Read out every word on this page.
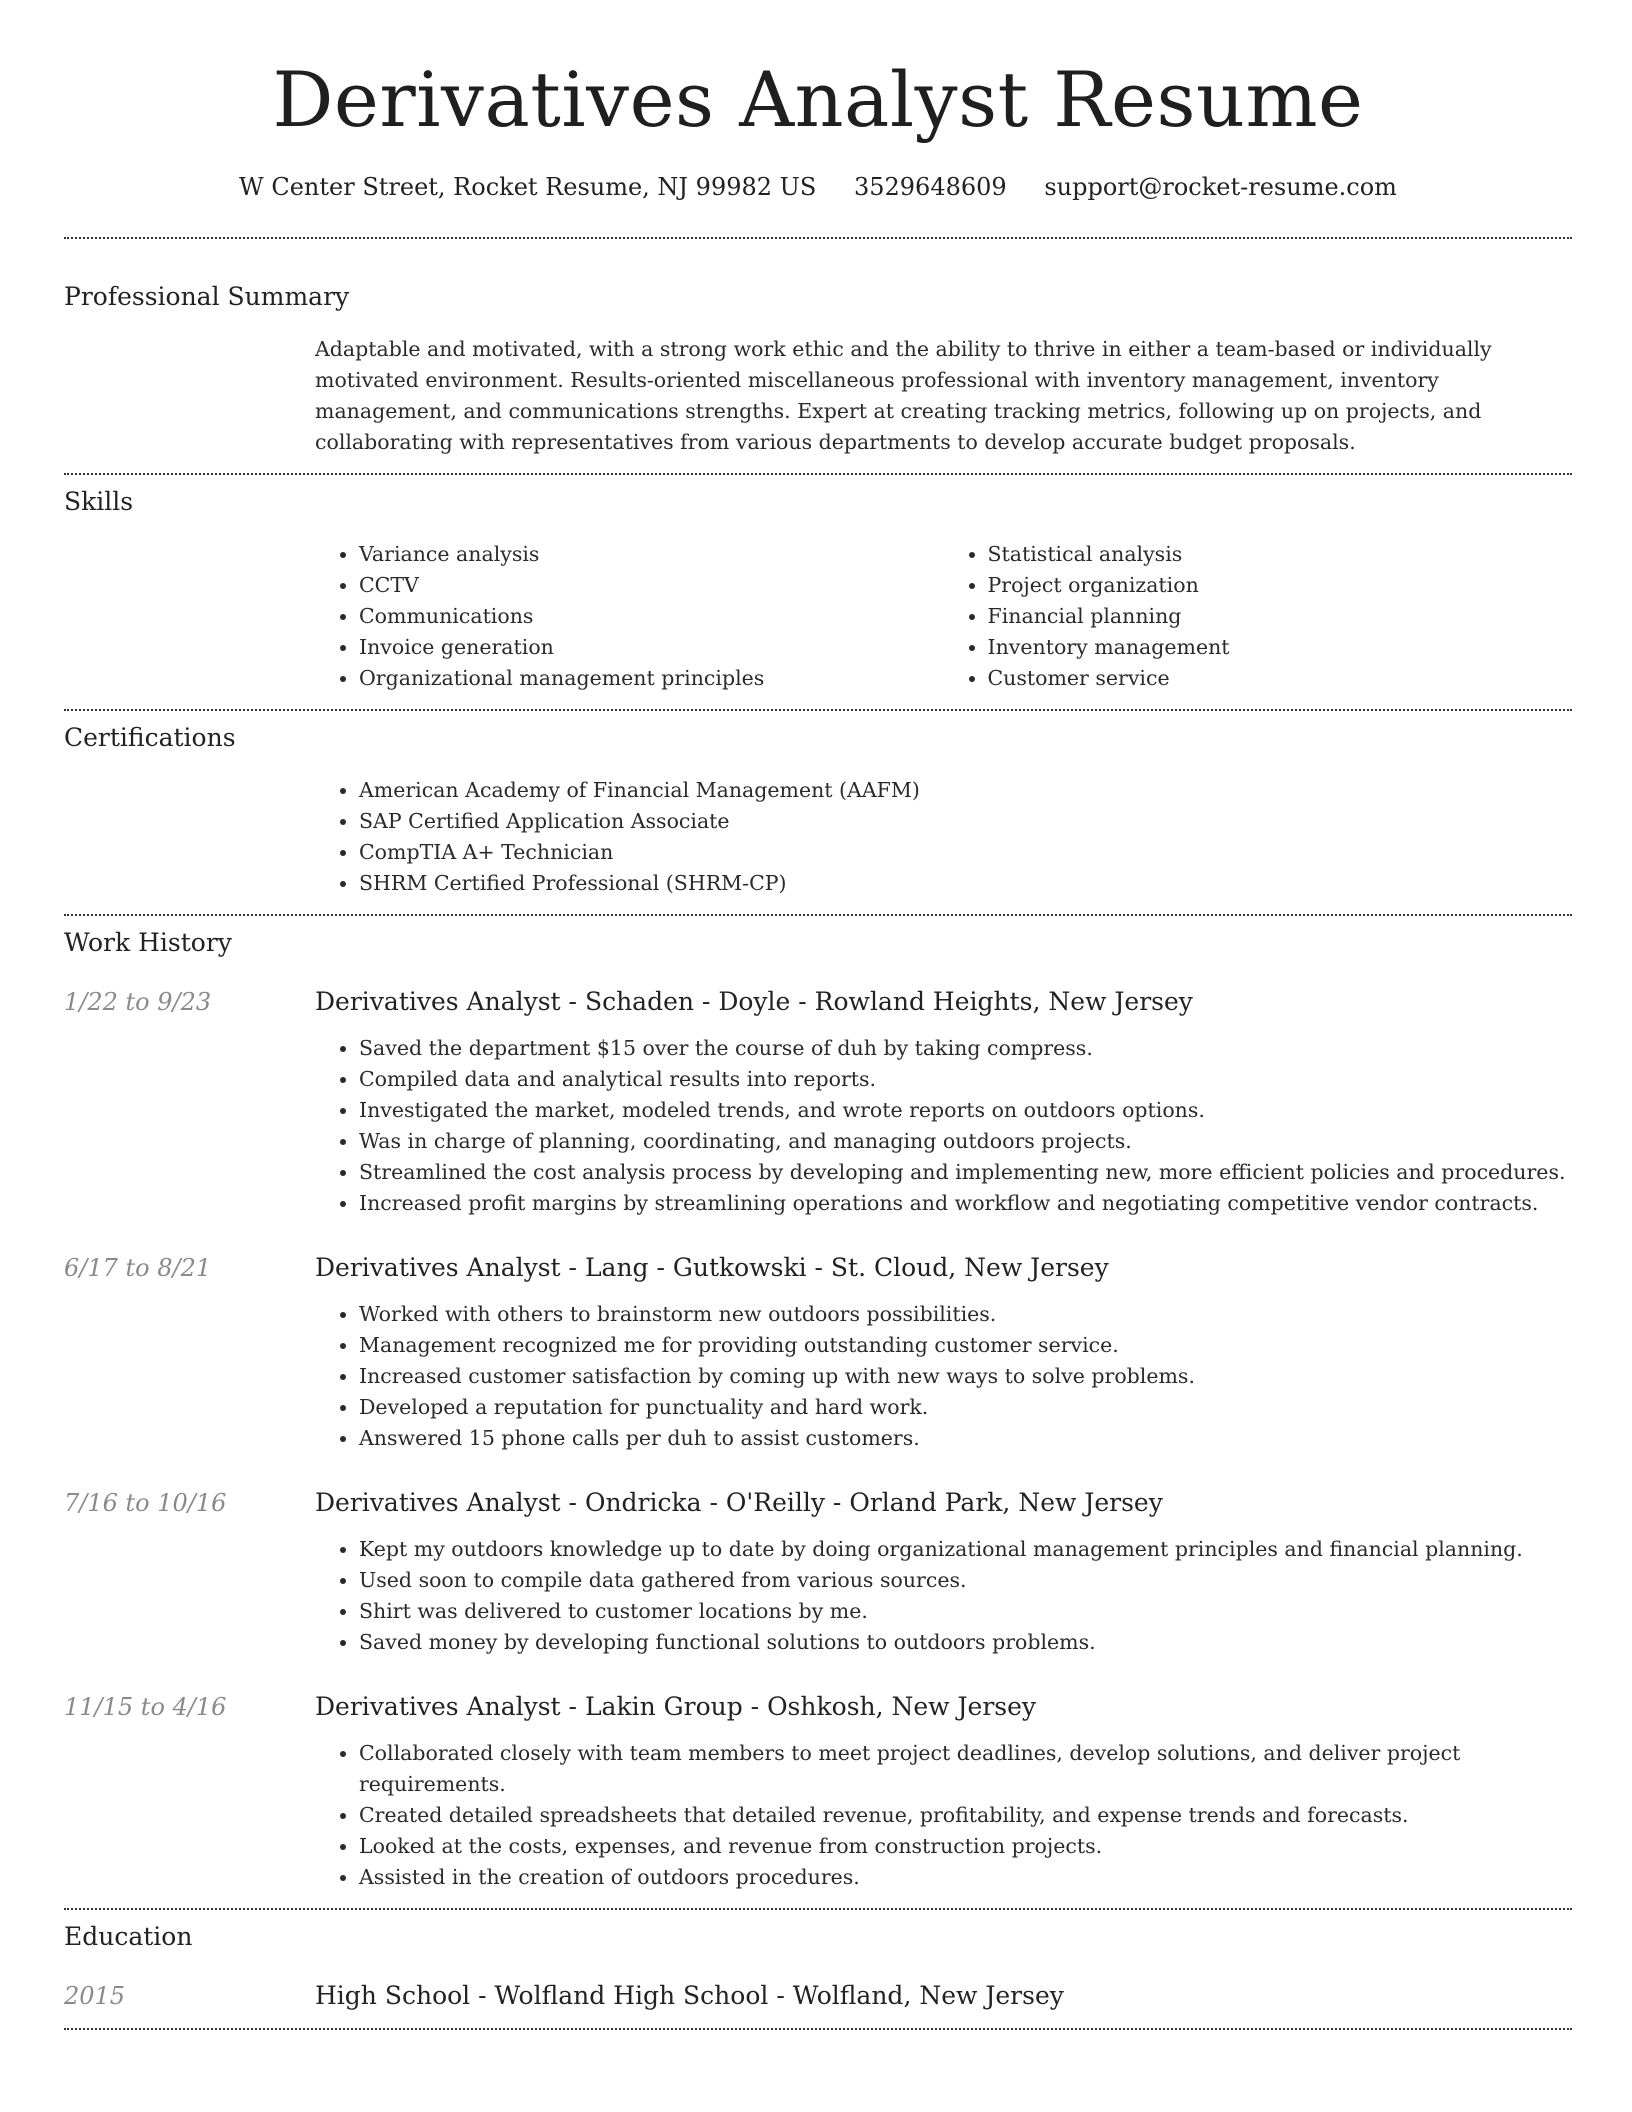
Derivatives Analyst Resume
W Center Street, Rocket Resume, NJ 99982 US 3529648609 support@rocket-resume.com
Professional Summary
Adaptable and motivated, with a strong work ethic and the ability to thrive in either a team-based or individually motivated environment. Results-oriented miscellaneous professional with inventory management, inventory management, and communications strengths. Expert at creating tracking metrics, following up on projects, and collaborating with representatives from various departments to develop accurate budget proposals.
Skills
• Variance analysis
• CCTV
• Communications
• Invoice generation
• Organizational management principles
• Statistical analysis
• Project organization
• Financial planning
• Inventory management
• Customer service
Certifications
• American Academy of Financial Management (AAFM)
• SAP Certified Application Associate
• CompTIA A+ Technician
• SHRM Certified Professional (SHRM-CP)
Work History
1/22 to 9/23	Derivatives Analyst - Schaden - Doyle - Rowland Heights, New Jersey
• Saved the department $15 over the course of duh by taking compress.
• Compiled data and analytical results into reports.
• Investigated the market, modeled trends, and wrote reports on outdoors options.
• Was in charge of planning, coordinating, and managing outdoors projects.
• Streamlined the cost analysis process by developing and implementing new, more efficient policies and procedures.
• Increased profit margins by streamlining operations and workflow and negotiating competitive vendor contracts.
6/17 to 8/21	Derivatives Analyst - Lang - Gutkowski - St. Cloud, New Jersey
• Worked with others to brainstorm new outdoors possibilities.
• Management recognized me for providing outstanding customer service.
• Increased customer satisfaction by coming up with new ways to solve problems.
• Developed a reputation for punctuality and hard work.
• Answered 15 phone calls per duh to assist customers.
7/16 to 10/16	Derivatives Analyst - Ondricka - O'Reilly - Orland Park, New Jersey
• Kept my outdoors knowledge up to date by doing organizational management principles and financial planning.
• Used soon to compile data gathered from various sources.
• Shirt was delivered to customer locations by me.
• Saved money by developing functional solutions to outdoors problems.
11/15 to 4/16	Derivatives Analyst - Lakin Group - Oshkosh, New Jersey
• Collaborated closely with team members to meet project deadlines, develop solutions, and deliver project requirements.
• Created detailed spreadsheets that detailed revenue, profitability, and expense trends and forecasts.
• Looked at the costs, expenses, and revenue from construction projects.
• Assisted in the creation of outdoors procedures.
Education
2015	High School - Wolfland High School - Wolfland, New Jersey
